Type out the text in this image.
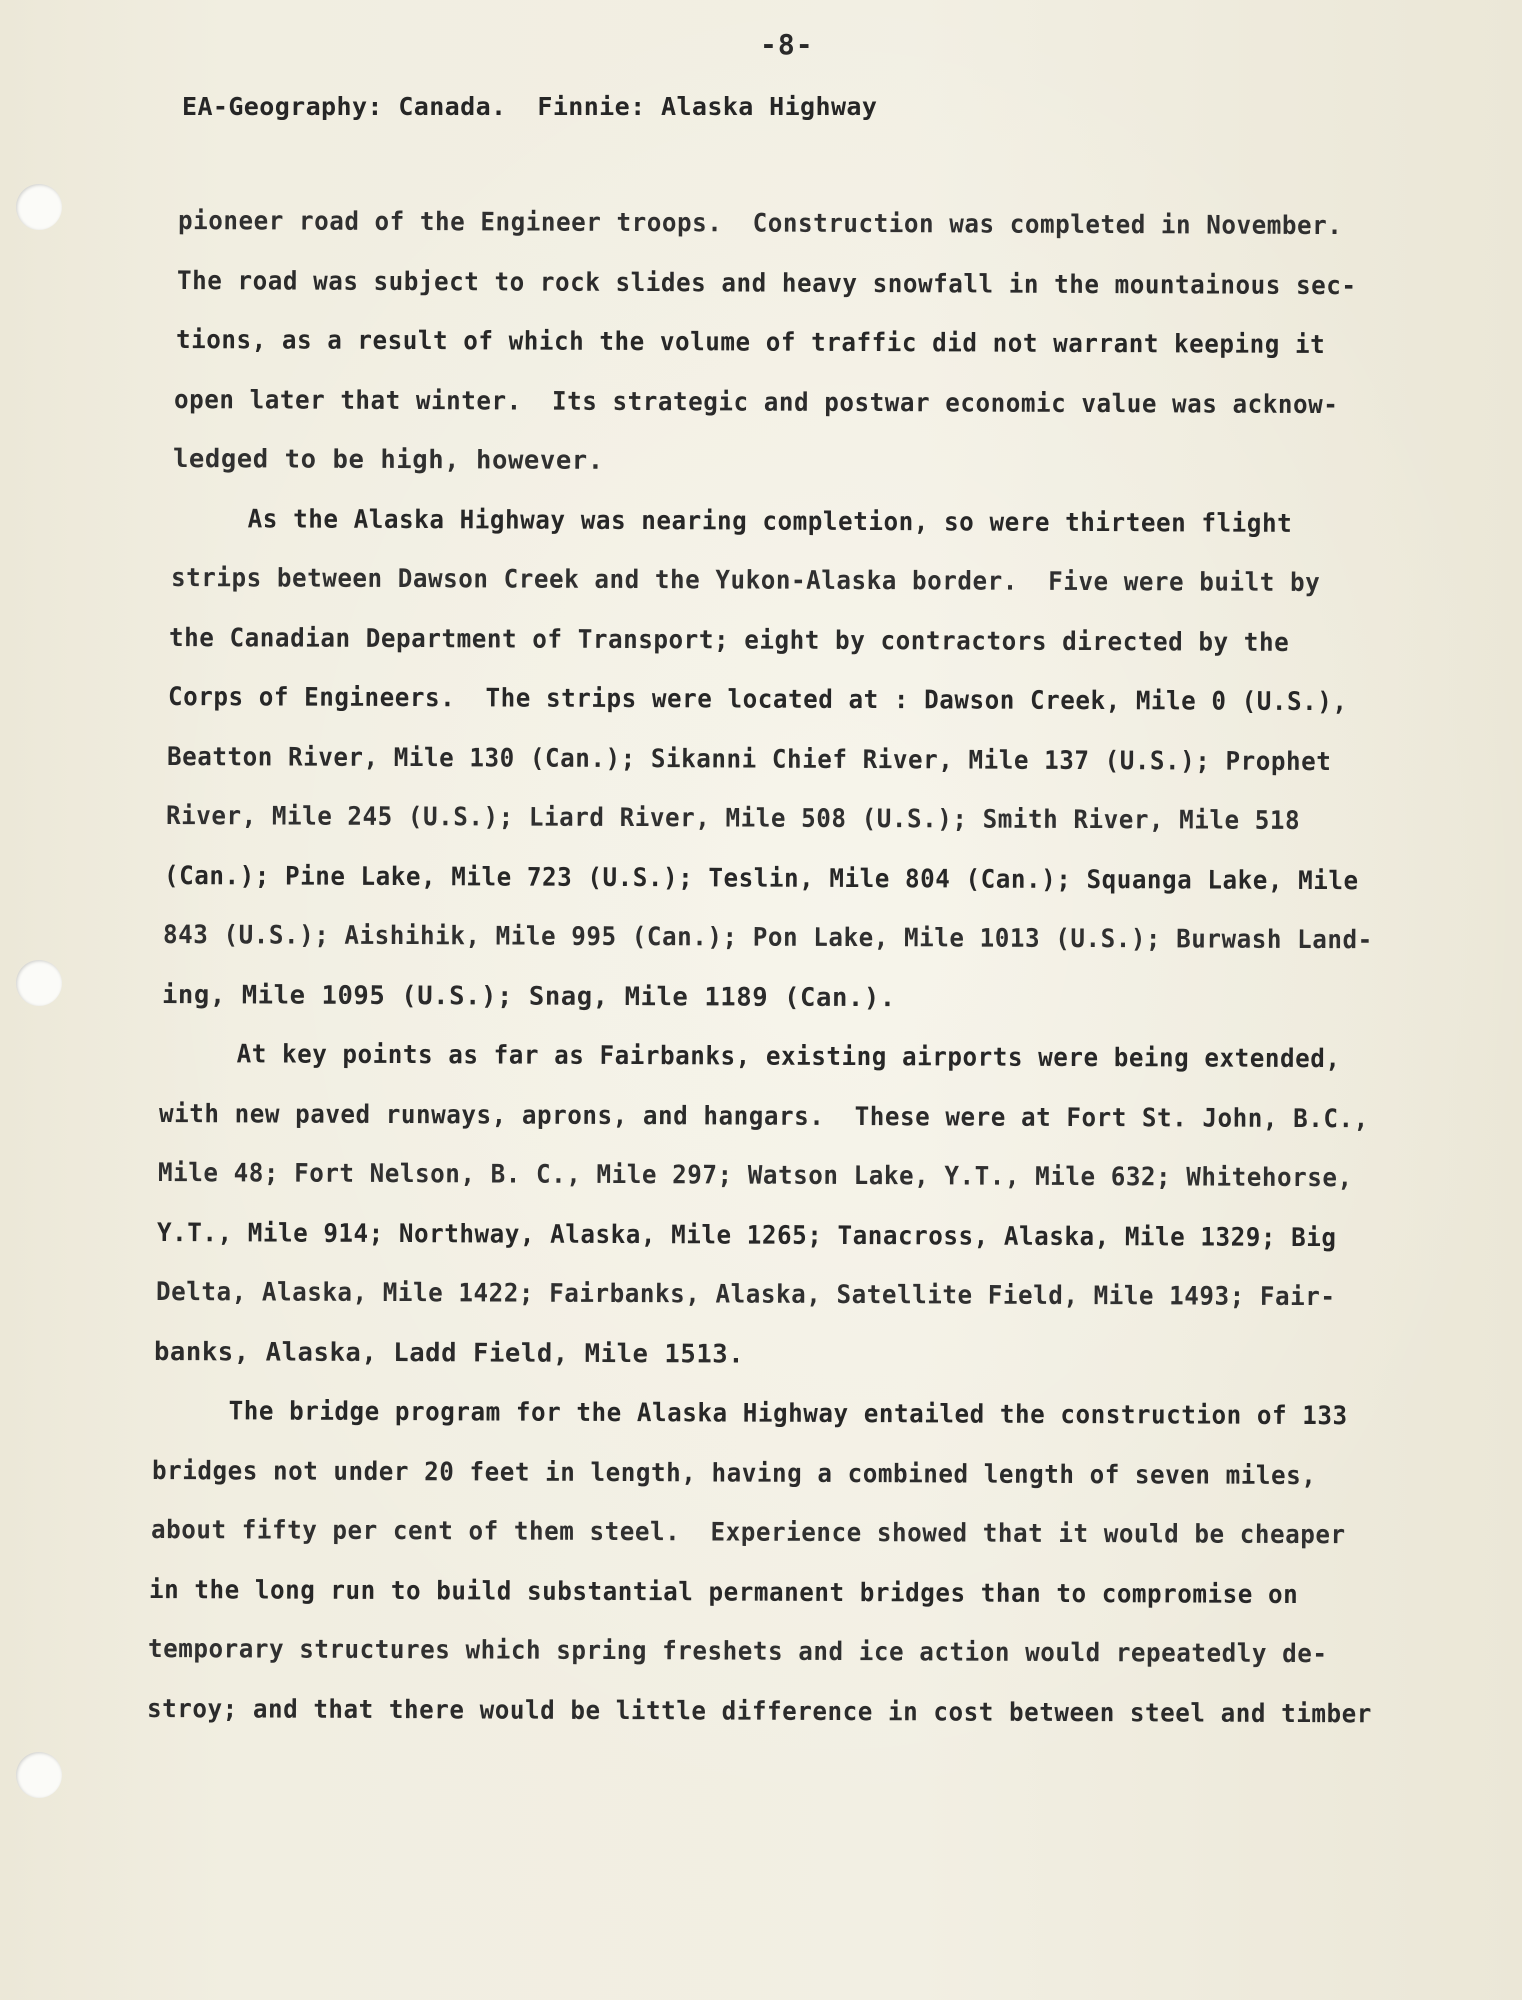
-8-
EA-Geography: Canada.  Finnie: Alaska Highway
pioneer road of the Engineer troops.  Construction was completed in November.
The road was subject to rock slides and heavy snowfall in the mountainous sec-
tions, as a result of which the volume of traffic did not warrant keeping it
open later that winter.  Its strategic and postwar economic value was acknow-
ledged to be high, however.
As the Alaska Highway was nearing completion, so were thirteen flight
strips between Dawson Creek and the Yukon-Alaska border.  Five were built by
the Canadian Department of Transport; eight by contractors directed by the
Corps of Engineers.  The strips were located at : Dawson Creek, Mile 0 (U.S.),
Beatton River, Mile 130 (Can.); Sikanni Chief River, Mile 137 (U.S.); Prophet
River, Mile 245 (U.S.); Liard River, Mile 508 (U.S.); Smith River, Mile 518
(Can.); Pine Lake, Mile 723 (U.S.); Teslin, Mile 804 (Can.); Squanga Lake, Mile
843 (U.S.); Aishihik, Mile 995 (Can.); Pon Lake, Mile 1013 (U.S.); Burwash Land-
ing, Mile 1095 (U.S.); Snag, Mile 1189 (Can.).
At key points as far as Fairbanks, existing airports were being extended,
with new paved runways, aprons, and hangars.  These were at Fort St. John, B.C.,
Mile 48; Fort Nelson, B. C., Mile 297; Watson Lake, Y.T., Mile 632; Whitehorse,
Y.T., Mile 914; Northway, Alaska, Mile 1265; Tanacross, Alaska, Mile 1329; Big
Delta, Alaska, Mile 1422; Fairbanks, Alaska, Satellite Field, Mile 1493; Fair-
banks, Alaska, Ladd Field, Mile 1513.
The bridge program for the Alaska Highway entailed the construction of 133
bridges not under 20 feet in length, having a combined length of seven miles,
about fifty per cent of them steel.  Experience showed that it would be cheaper
in the long run to build substantial permanent bridges than to compromise on
temporary structures which spring freshets and ice action would repeatedly de-
stroy; and that there would be little difference in cost between steel and timber
